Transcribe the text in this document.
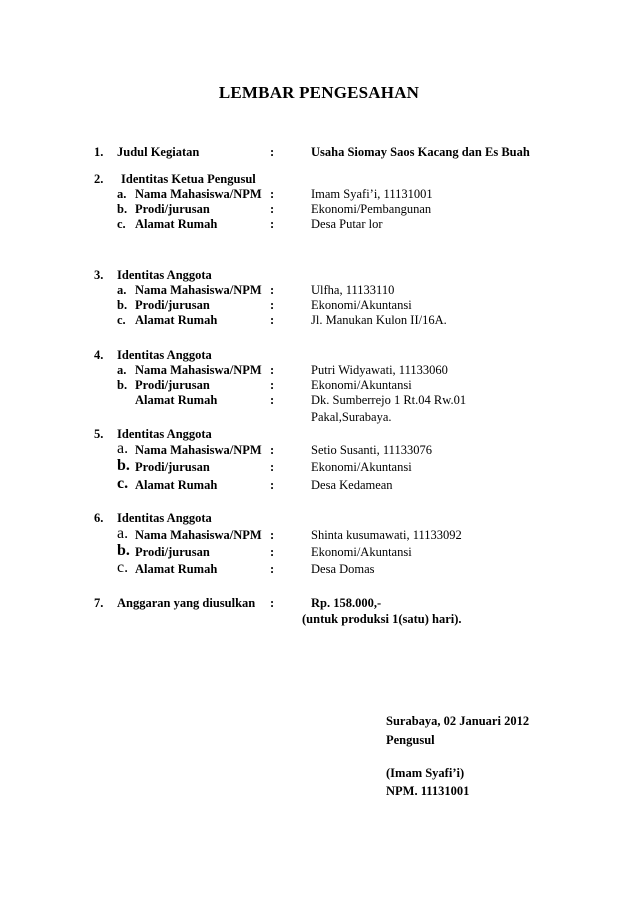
LEMBAR PENGESAHAN
1. Judul Kegiatan	:	Usaha Siomay Saos Kacang dan Es Buah
2. Identitas Ketua Pengusul
a. Nama Mahasiswa/NPM :	Imam Syafi’i, 11131001
b. Prodi/jurusan	:	Ekonomi/Pembangunan
c. Alamat Rumah	:	Desa Putar lor
3. Identitas Anggota
a. Nama Mahasiswa/NPM :	Ulfha, 11133110
b. Prodi/jurusan	:	Ekonomi/Akuntansi
c. Alamat Rumah	:	Jl. Manukan Kulon II/16A.
4. Identitas Anggota
a. Nama Mahasiswa/NPM :	Putri Widyawati, 11133060
b. Prodi/jurusan	:	Ekonomi/Akuntansi
Alamat Rumah	:	Dk. Sumberrejo 1 Rt.04 Rw.01
Pakal,Surabaya.
5. Identitas Anggota
a. Nama Mahasiswa/NPM :	Setio Susanti, 11133076
b. Prodi/jurusan	:	Ekonomi/Akuntansi
c. Alamat Rumah	:	Desa Kedamean
6. Identitas Anggota
a. Nama Mahasiswa/NPM :	Shinta kusumawati, 11133092
b. Prodi/jurusan	:	Ekonomi/Akuntansi
c. Alamat Rumah	:	Desa Domas
7. Anggaran yang diusulkan :	Rp. 158.000,-
(untuk produksi 1(satu) hari).
Surabaya, 02 Januari 2012
Pengusul
(Imam Syafi’i)
NPM. 11131001
